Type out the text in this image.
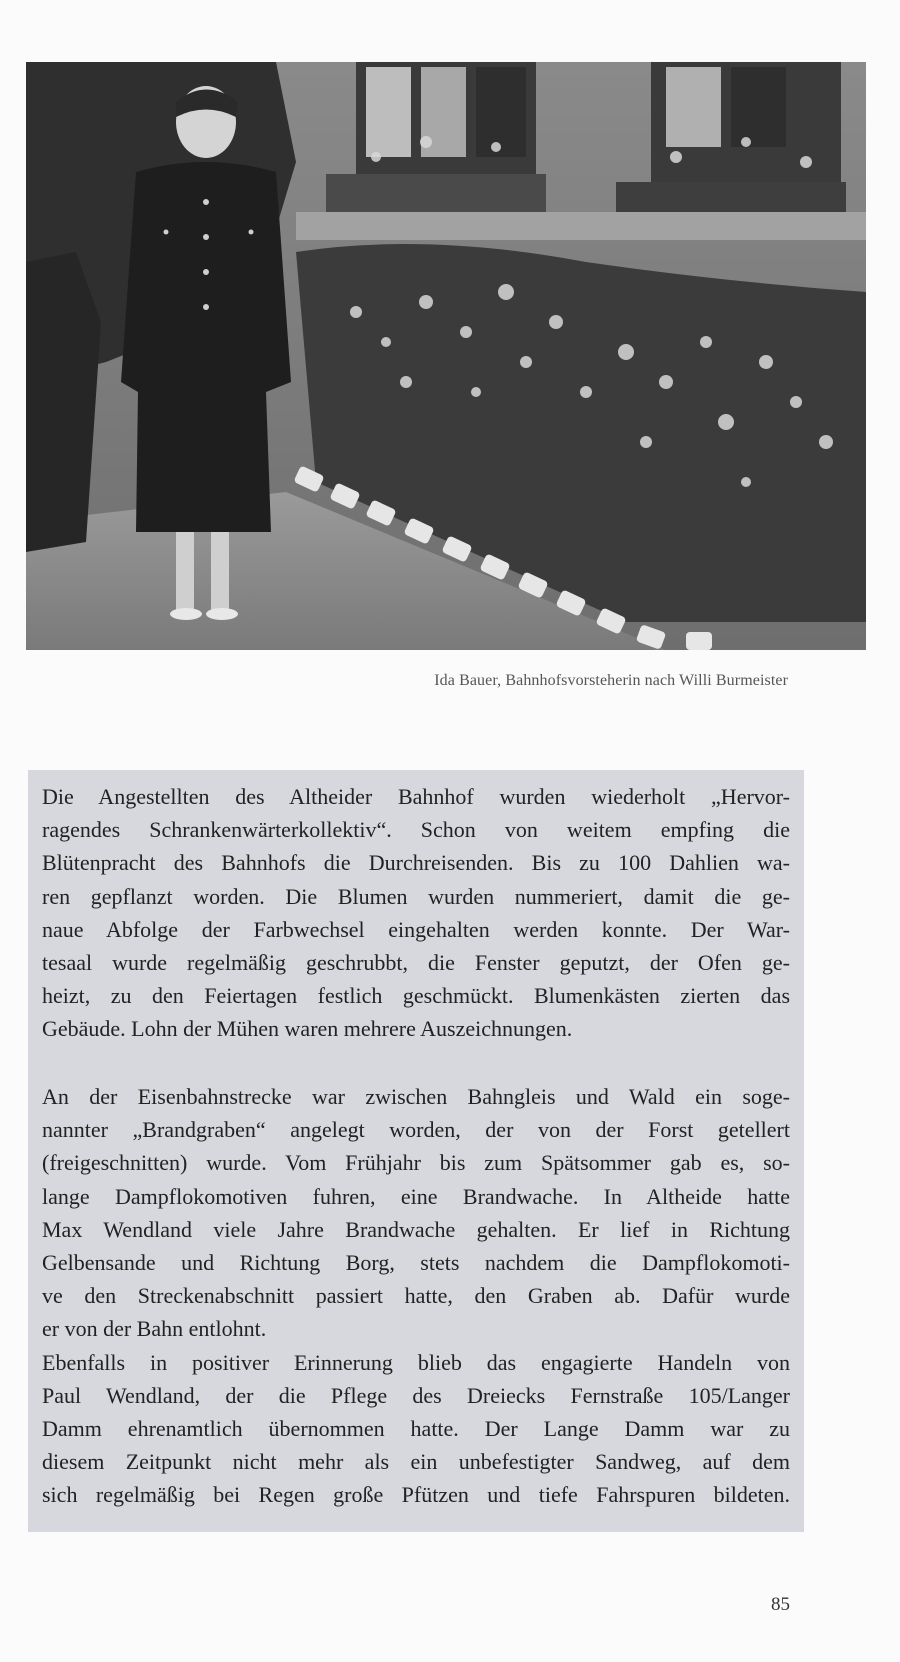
Ida Bauer, Bahnhofsvorsteherin nach Willi Burmeister
Die Angestellten des Altheider Bahnhof wurden wiederholt „Hervor-
ragendes Schrankenwärterkollektiv“. Schon von weitem empfing die
Blütenpracht des Bahnhofs die Durchreisenden. Bis zu 100 Dahlien wa-
ren gepflanzt worden. Die Blumen wurden nummeriert, damit die ge-
naue Abfolge der Farbwechsel eingehalten werden konnte. Der War-
tesaal wurde regelmäßig geschrubbt, die Fenster geputzt, der Ofen ge-
heizt, zu den Feiertagen festlich geschmückt. Blumenkästen zierten das
Gebäude. Lohn der Mühen waren mehrere Auszeichnungen.
An der Eisenbahnstrecke war zwischen Bahngleis und Wald ein soge-
nannter „Brandgraben“ angelegt worden, der von der Forst getellert
(freigeschnitten) wurde. Vom Frühjahr bis zum Spätsommer gab es, so-
lange Dampflokomotiven fuhren, eine Brandwache. In Altheide hatte
Max Wendland viele Jahre Brandwache gehalten. Er lief in Richtung
Gelbensande und Richtung Borg, stets nachdem die Dampflokomoti-
ve den Streckenabschnitt passiert hatte, den Graben ab. Dafür wurde
er von der Bahn entlohnt.
Ebenfalls in positiver Erinnerung blieb das engagierte Handeln von
Paul Wendland, der die Pflege des Dreiecks Fernstraße 105/Langer
Damm ehrenamtlich übernommen hatte. Der Lange Damm war zu
diesem Zeitpunkt nicht mehr als ein unbefestigter Sandweg, auf dem
sich regelmäßig bei Regen große Pfützen und tiefe Fahrspuren bildeten.
85
